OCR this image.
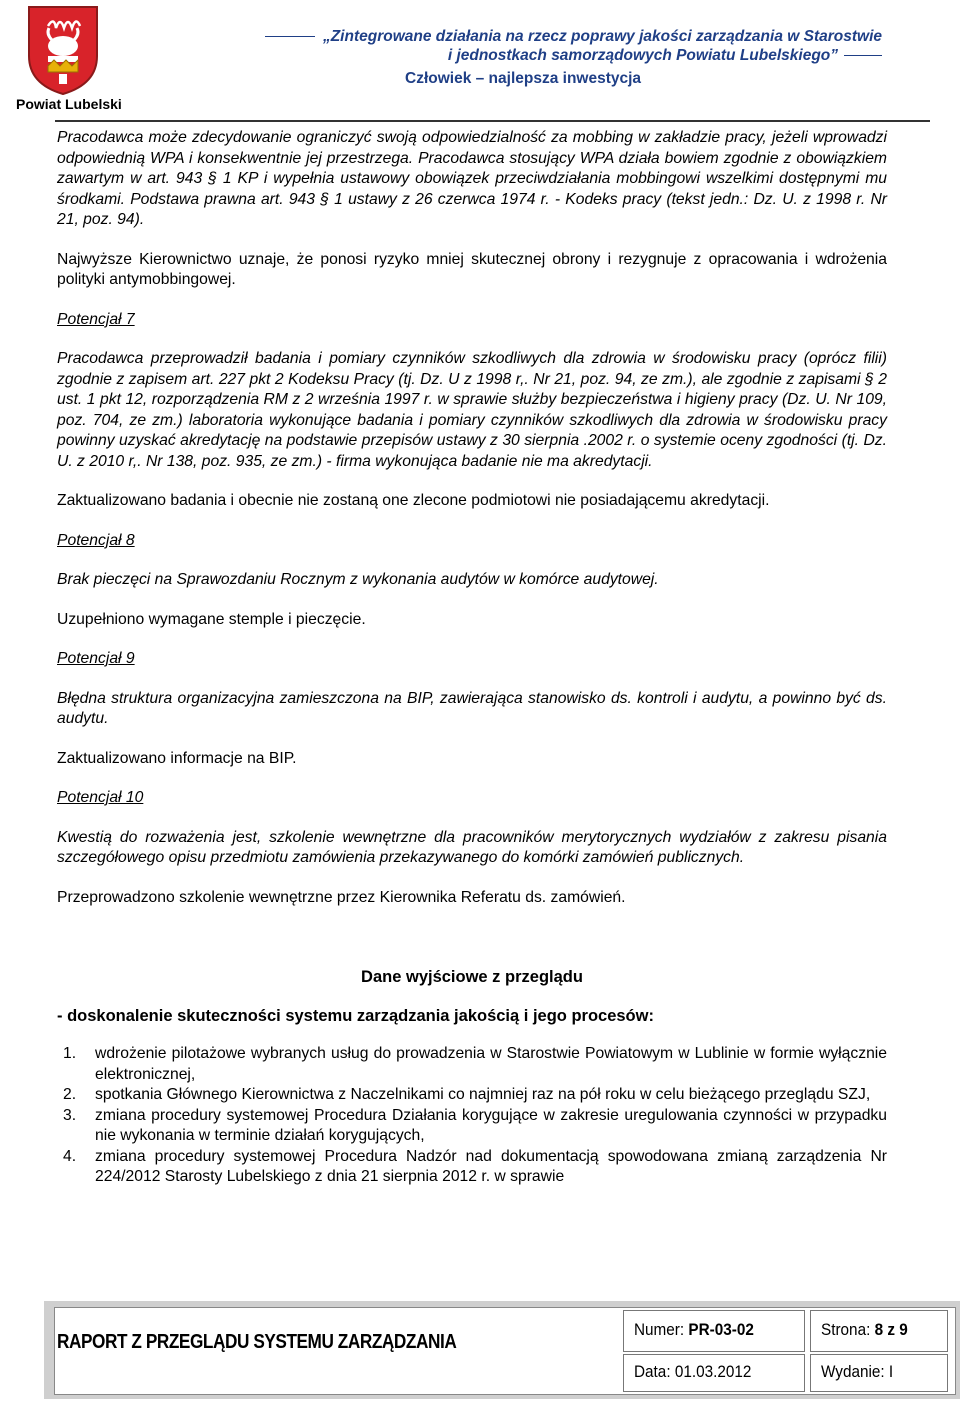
Powiat Lubelski
„Zintegrowane działania na rzecz poprawy jakości zarządzania w Starostwie
i jednostkach samorządowych Powiatu Lubelskiego”
Człowiek – najlepsza inwestycja

Pracodawca może zdecydowanie ograniczyć swoją odpowiedzialność za mobbing w zakładzie pracy, jeżeli wprowadzi odpowiednią WPA i konsekwentnie jej przestrzega. Pracodawca stosujący WPA działa bowiem zgodnie z obowiązkiem zawartym w art. 943 § 1 KP i wypełnia ustawowy obowiązek przeciwdziałania mobbingowi wszelkimi dostępnymi mu środkami. Podstawa prawna art. 943 § 1 ustawy z 26 czerwca 1974 r. - Kodeks pracy (tekst jedn.: Dz. U. z 1998 r. Nr 21, poz. 94).

Najwyższe Kierownictwo uznaje, że ponosi ryzyko mniej skutecznej obrony i rezygnuje z opracowania i wdrożenia polityki antymobbingowej.

Potencjał 7

Pracodawca przeprowadził badania i pomiary czynników szkodliwych dla zdrowia w środowisku pracy (oprócz filii) zgodnie z zapisem art. 227 pkt 2 Kodeksu Pracy (tj. Dz. U z 1998 r,. Nr 21, poz. 94, ze zm.), ale zgodnie z zapisami § 2 ust. 1 pkt 12, rozporządzenia RM z 2 września 1997 r. w sprawie służby bezpieczeństwa i higieny pracy (Dz. U. Nr 109, poz. 704, ze zm.) laboratoria wykonujące badania i pomiary czynników szkodliwych dla zdrowia w środowisku pracy powinny uzyskać akredytację na podstawie przepisów ustawy z 30 sierpnia .2002 r. o systemie oceny zgodności (tj. Dz. U. z 2010 r,. Nr 138, poz. 935, ze zm.) - firma wykonująca badanie nie ma akredytacji.

Zaktualizowano badania i obecnie nie zostaną one zlecone podmiotowi nie posiadającemu akredytacji.

Potencjał 8

Brak pieczęci na Sprawozdaniu Rocznym z wykonania audytów w komórce audytowej.

Uzupełniono wymagane stemple i pieczęcie.

Potencjał 9

Błędna struktura organizacyjna zamieszczona na BIP, zawierająca stanowisko ds. kontroli i audytu, a powinno być ds. audytu.

Zaktualizowano informacje na BIP.

Potencjał 10

Kwestią do rozważenia jest, szkolenie wewnętrzne dla pracowników merytorycznych wydziałów z zakresu pisania szczegółowego opisu przedmiotu zamówienia przekazywanego do komórki zamówień publicznych.

Przeprowadzono szkolenie wewnętrzne przez Kierownika Referatu ds. zamówień.

Dane wyjściowe z przeglądu

- doskonalenie skuteczności systemu zarządzania jakością i jego procesów:

1. wdrożenie pilotażowe wybranych usług do prowadzenia w Starostwie Powiatowym w Lublinie w formie wyłącznie elektronicznej,
2. spotkania Głównego Kierownictwa z Naczelnikami co najmniej raz na pół roku w celu bieżącego przeglądu SZJ,
3. zmiana procedury systemowej Procedura Działania korygujące w zakresie uregulowania czynności w przypadku nie wykonania w terminie działań korygujących,
4. zmiana procedury systemowej Procedura Nadzór nad dokumentacją spowodowana zmianą zarządzenia Nr 224/2012 Starosty Lubelskiego z dnia 21 sierpnia 2012 r. w sprawie
RAPORT Z PRZEGLĄDU SYSTEMU ZARZĄDZANIA
Numer: PR-03-02	Strona: 8 z 9
Data: 01.03.2012	Wydanie: I
